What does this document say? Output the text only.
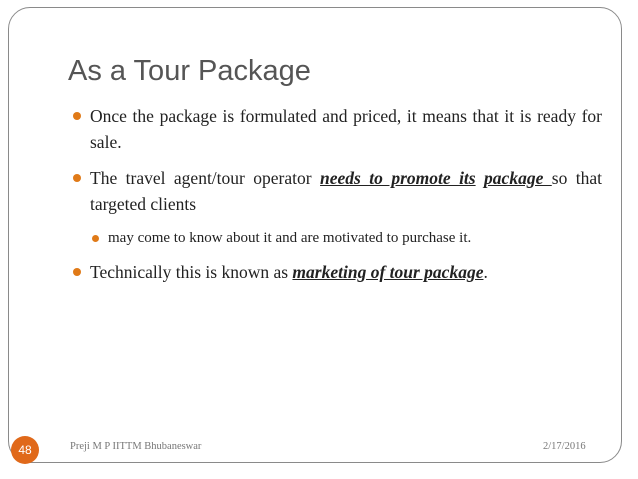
As a Tour Package
Once the package is formulated and priced, it means that it is ready for sale.
The travel agent/tour operator needs to promote its package so that targeted clients
may come to know about it and are motivated to purchase it.
Technically this is known as marketing of tour package.
48	Preji M P IITTM Bhubaneswar	2/17/2016
